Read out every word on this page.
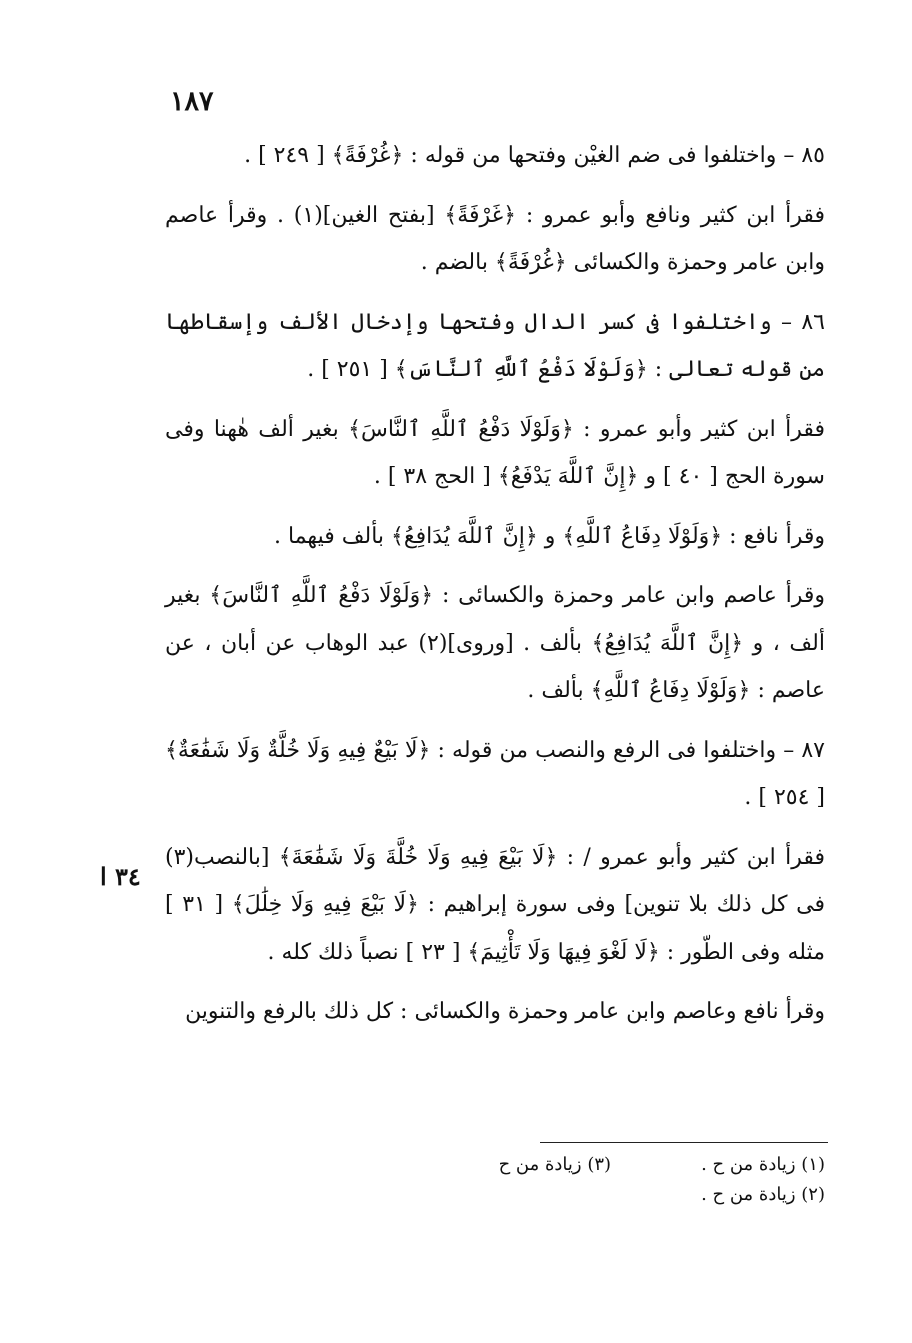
١٨٧
٣٤ ا

٨٥ – واختلفوا فى ضم الغيْن وفتحها من قوله : ﴿غُرْفَةً﴾ [ ٢٤٩ ] .

فقرأ ابن كثير ونافع وأبو عمرو : ﴿غَرْفَةً﴾ [بفتح الغين](١) . وقرأ عاصم وابن عامر وحمزة والكسائى ﴿غُرْفَةً﴾ بالضم .

٨٦ – واختلفوا فى كسر الدال وفتحها وإدخال الألف وإسقاطها من قوله تعالى : ﴿وَلَوْلَا دَفْعُ ٱللَّهِ ٱلنَّاسَ﴾ [ ٢٥١ ] .

فقرأ ابن كثير وأبو عمرو : ﴿وَلَوْلَا دَفْعُ ٱللَّهِ ٱلنَّاسَ﴾ بغير ألف هٰهنا وفى سورة الحج [ ٤٠ ] و ﴿إِنَّ ٱللَّهَ يَدْفَعُ﴾ [ الحج ٣٨ ] .

وقرأ نافع : ﴿وَلَوْلَا دِفَاعُ ٱللَّهِ﴾ و ﴿إِنَّ ٱللَّهَ يُدَافِعُ﴾ بألف فيهما .

وقرأ عاصم وابن عامر وحمزة والكسائى : ﴿وَلَوْلَا دَفْعُ ٱللَّهِ ٱلنَّاسَ﴾ بغير ألف ، و ﴿إِنَّ ٱللَّهَ يُدَافِعُ﴾ بألف . [وروى](٢) عبد الوهاب عن أبان ، عن عاصم : ﴿وَلَوْلَا دِفَاعُ ٱللَّهِ﴾ بألف .

٨٧ – واختلفوا فى الرفع والنصب من قوله : ﴿لَا بَيْعٌ فِيهِ وَلَا خُلَّةٌ وَلَا شَفَٰعَةٌ﴾ [ ٢٥٤ ] .

فقرأ ابن كثير وأبو عمرو / : ﴿لَا بَيْعَ فِيهِ وَلَا خُلَّةَ وَلَا شَفَٰعَةَ﴾ [بالنصب(٣) فى كل ذلك بلا تنوين] وفى سورة إبراهيم : ﴿لَا بَيْعَ فِيهِ وَلَا خِلَٰلَ﴾ [ ٣١ ] مثله وفى الطّور : ﴿لَا لَغْوَ فِيهَا وَلَا تَأْثِيمَ﴾ [ ٢٣ ] نصباً ذلك كله .

وقرأ نافع وعاصم وابن عامر وحمزة والكسائى : كل ذلك بالرفع والتنوين

(١) زيادة من ح .
(٣) زيادة من ح
(٢) زيادة من ح .
